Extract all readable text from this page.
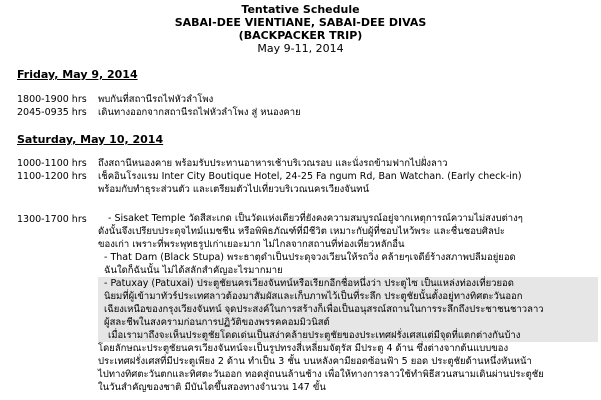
Tentative Schedule
SABAI-DEE VIENTIANE, SABAI-DEE DIVAS
(BACKPACKER TRIP)
May 9-11, 2014
Friday, May 9, 2014
1800-1900 hrs พบกันที่สถานีรถไฟหัวลำโพง
2045-0935 hrs เดินทางออกจากสถานีรถไฟหัวลำโพง สู่ หนองคาย
Saturday, May 10, 2014
1000-1100 hrs ถึงสถานีหนองคาย พร้อมรับประทานอาหารเช้าบริเวณรอบ และนั่งรถข้ามฟากไปฝั่งลาว
1100-1200 hrs เช็คอินโรงแรม Inter City Boutique Hotel, 24-25 Fa ngum Rd, Ban Watchan. (Early check-in)
พร้อมกับทำธุระส่วนตัว และเตรียมตัวไปเที่ยวบริเวณนครเวียงจันทน์
1300-1700 hrs	- Sisaket Temple วัดสีสะเกด เป็นวัดแห่งเดียวที่ยังคงความสมบูรณ์อยู่จากเหตุการณ์ความไม่สงบต่างๆ
ดังนั้นจึงเปรียบประดุจไทม์แมชชีน หรือพิพิธภัณฑ์ที่มีชีวิต เหมาะกับผู้ที่ชอบไหว้พระ และชื่นชอบศิลปะ
ของเก่า เพราะที่พระพุทธรูปเก่าเยอะมาก ไม่ไกลจากสถานที่ท่องเที่ยวหลักอื่น
- That Dam (Black Stupa) พระธาตุดำเป็นประดุจวงเวียนให้รถวิ่ง คล้ายๆเจดีย์ร้างสภาพปลีมอยู่ยอด
ฉันใดก็ฉันนั้น ไม่ได้สลักสำคัญอะไรมากมาย
- Patuxay (Patuxai) ประตูชัยนครเวียงจันทน์หรือเรียกอีกชื่อหนึ่งว่า ประตูไซ เป็นแหล่งท่องเที่ยวยอด
นิยมที่ผู้เข้ามาทัวร์ประเทศลาวต้องมาสัมผัสและเก็บภาพไว้เป็นที่ระลึก ประตูชัยนั้นตั้งอยู่ทางทิศตะวันออก
เฉียงเหนือของกรุงเวียงจันทน์ จุดประสงค์ในการสร้างก็เพื่อเป็นอนุสรณ์สถานในการระลึกถึงประชาชนชาวลาว
ผู้สละชีพในสงครามก่อนการปฏิวัติของพรรคคอมมิวนิสต์
เมื่อเรามาถึงจะเห็นประตูชัยโดดเด่นเป็นสง่าคล้ายประตูชัยของประเทศฝรั่งเศสแต่มีจุดที่แตกต่างกันบ้าง
โดยลักษณะประตูชัยนครเวียงจันทน์จะเป็นรูปทรงสี่เหลี่ยมจัตุรัส มีประตู 4 ด้าน ซึ่งต่างจากต้นแบบของ
ประเทศฝรั่งเศสที่มีประตูเพียง 2 ด้าน ทำเป็น 3 ชั้น บนหลังคามียอดซ้อนฟ้า 5 ยอด ประตูชัยด้านหนึ่งหันหน้า
ไปทางทิศตะวันตกและทิศตะวันออก ทอดสู่ถนนล้านช้าง เพื่อให้ทางการลาวใช้ทำพิธีสวนสนามเดินผ่านประตูชัย
ในวันสำคัญของชาติ มีบันไดขึ้นสองทางจำนวน 147 ขั้น
